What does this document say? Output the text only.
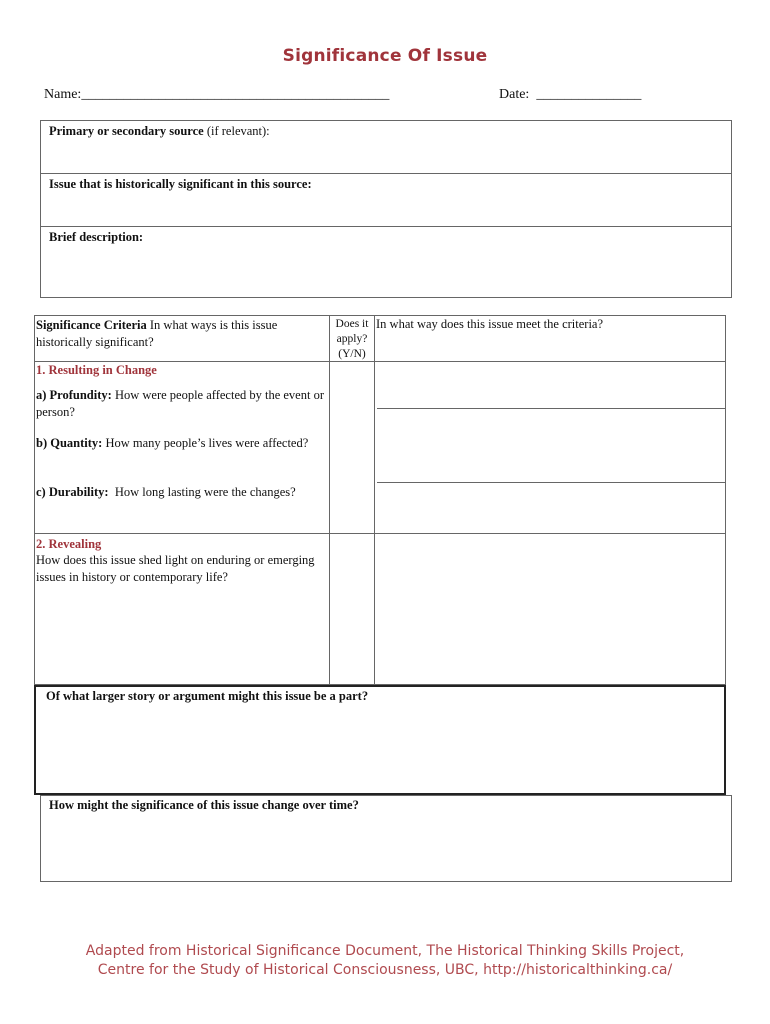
Significance Of Issue
Name:____________________________________________	Date: _______________
Primary or secondary source (if relevant):
Issue that is historically significant in this source:
Brief description:
Significance Criteria In what ways is this issue historically significant?
Does it apply? (Y/N)
In what way does this issue meet the criteria?
1. Resulting in Change
a) Profundity: How were people affected by the event or person?
b) Quantity: How many people’s lives were affected?
c) Durability:  How long lasting were the changes?
2. Revealing
How does this issue shed light on enduring or emerging issues in history or contemporary life?
Of what larger story or argument might this issue be a part?
How might the significance of this issue change over time?
Adapted from Historical Significance Document, The Historical Thinking Skills Project,
Centre for the Study of Historical Consciousness, UBC, http://historicalthinking.ca/
